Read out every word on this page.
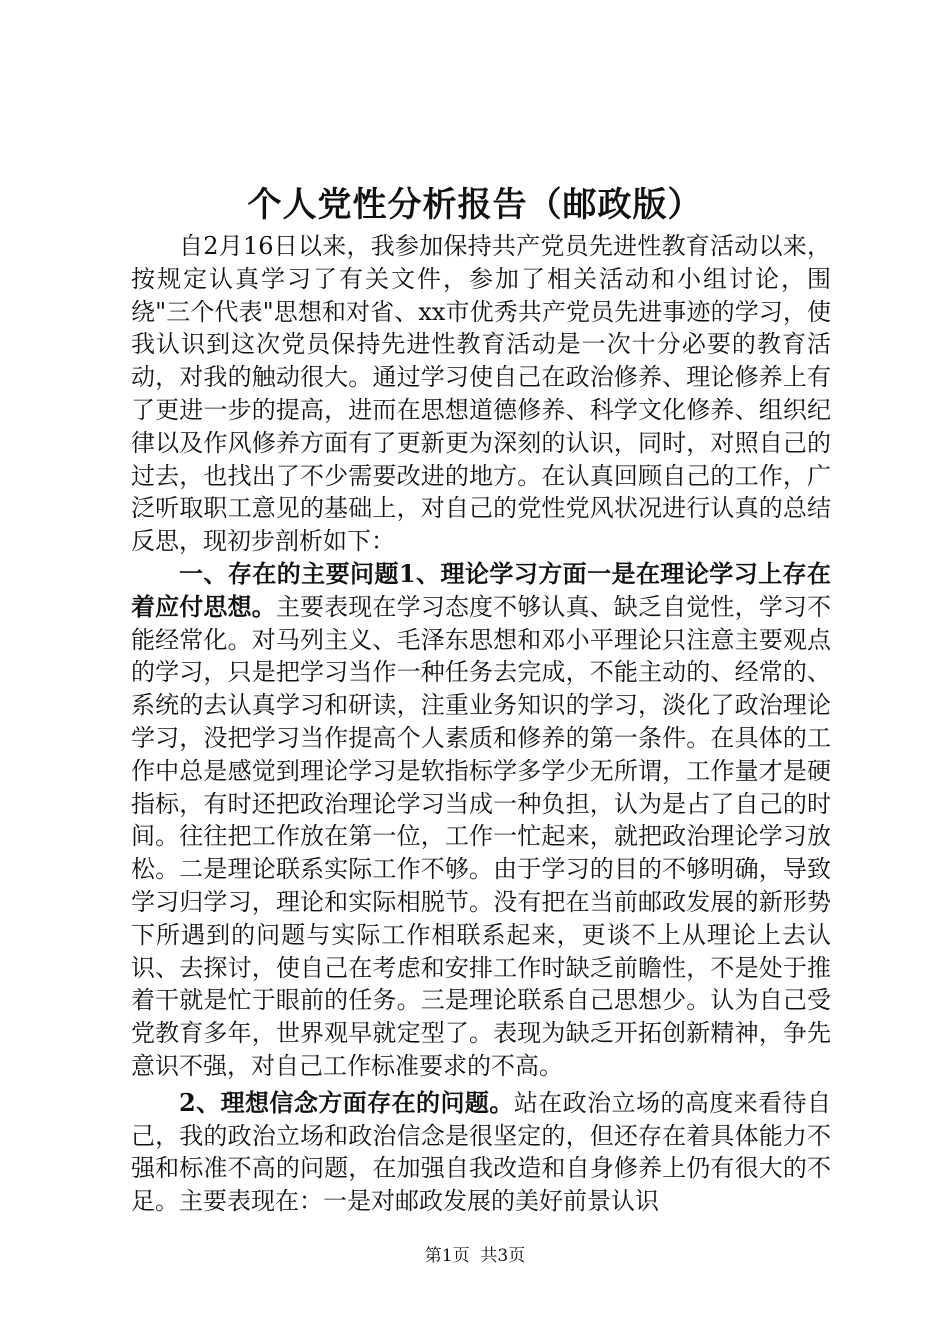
个人党性分析报告（邮政版）

自2月16日以来，我参加保持共产党员先进性教育活动以来，按规定认真学习了有关文件，参加了相关活动和小组讨论，围绕"三个代表"思想和对省、xx市优秀共产党员先进事迹的学习，使我认识到这次党员保持先进性教育活动是一次十分必要的教育活动，对我的触动很大。通过学习使自己在政治修养、理论修养上有了更进一步的提高，进而在思想道德修养、科学文化修养、组织纪律以及作风修养方面有了更新更为深刻的认识，同时，对照自己的过去，也找出了不少需要改进的地方。在认真回顾自己的工作，广泛听取职工意见的基础上，对自己的党性党风状况进行认真的总结反思，现初步剖析如下：

一、存在的主要问题1、理论学习方面一是在理论学习上存在着应付思想。主要表现在学习态度不够认真、缺乏自觉性，学习不能经常化。对马列主义、毛泽东思想和邓小平理论只注意主要观点的学习，只是把学习当作一种任务去完成，不能主动的、经常的、系统的去认真学习和研读，注重业务知识的学习，淡化了政治理论学习，没把学习当作提高个人素质和修养的第一条件。在具体的工作中总是感觉到理论学习是软指标学多学少无所谓，工作量才是硬指标，有时还把政治理论学习当成一种负担，认为是占了自己的时间。往往把工作放在第一位，工作一忙起来，就把政治理论学习放松。二是理论联系实际工作不够。由于学习的目的不够明确，导致学习归学习，理论和实际相脱节。没有把在当前邮政发展的新形势下所遇到的问题与实际工作相联系起来，更谈不上从理论上去认识、去探讨，使自己在考虑和安排工作时缺乏前瞻性，不是处于推着干就是忙于眼前的任务。三是理论联系自己思想少。认为自己受党教育多年，世界观早就定型了。表现为缺乏开拓创新精神，争先意识不强，对自己工作标准要求的不高。

2、理想信念方面存在的问题。站在政治立场的高度来看待自己，我的政治立场和政治信念是很坚定的，但还存在着具体能力不强和标准不高的问题，在加强自我改造和自身修养上仍有很大的不足。主要表现在：一是对邮政发展的美好前景认识

第1页 共3页
